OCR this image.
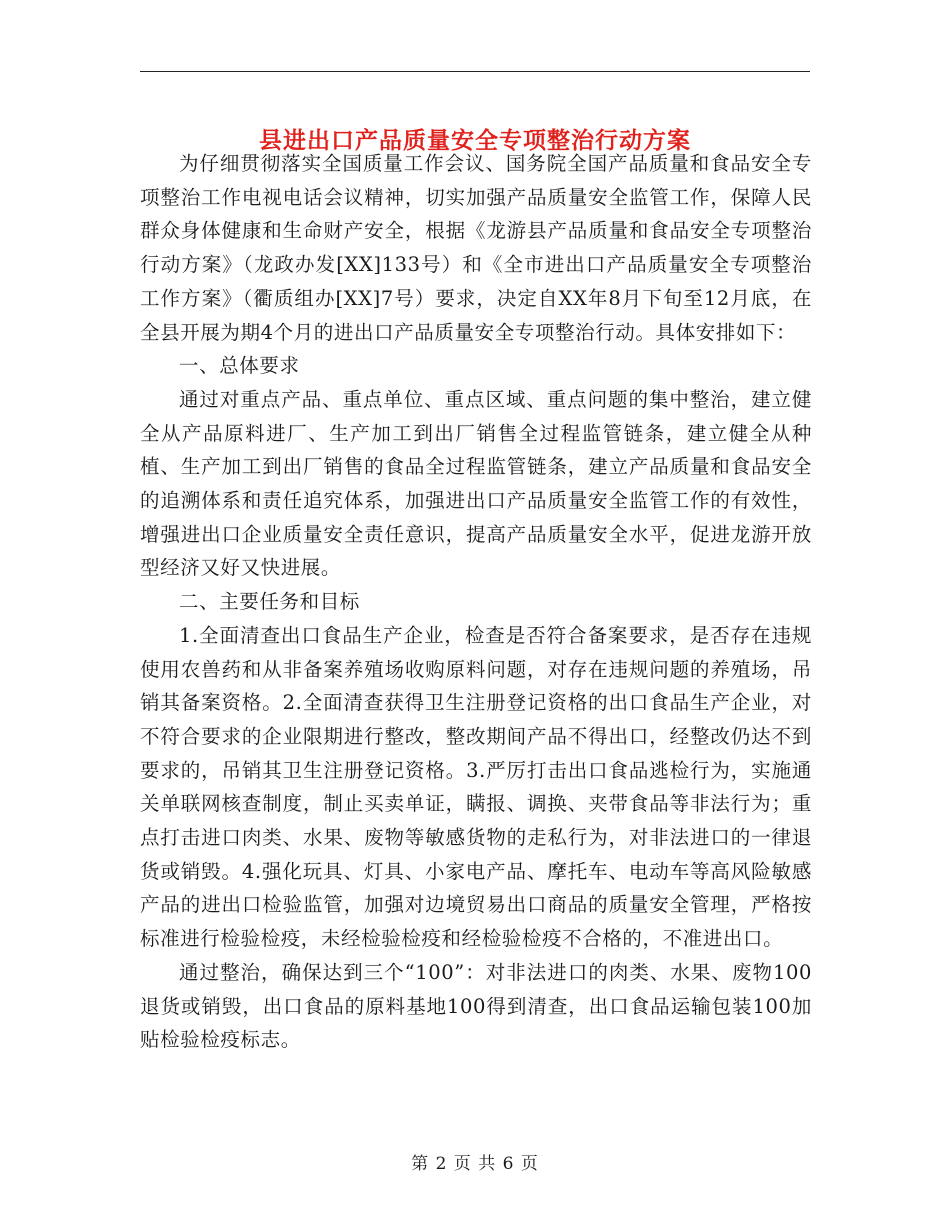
县进出口产品质量安全专项整治行动方案

为仔细贯彻落实全国质量工作会议、国务院全国产品质量和食品安全专项整治工作电视电话会议精神，切实加强产品质量安全监管工作，保障人民群众身体健康和生命财产安全，根据《龙游县产品质量和食品安全专项整治行动方案》（龙政办发[XX]133号）和《全市进出口产品质量安全专项整治工作方案》（衢质组办[XX]7号）要求，决定自XX年8月下旬至12月底，在全县开展为期4个月的进出口产品质量安全专项整治行动。具体安排如下：

一、总体要求

通过对重点产品、重点单位、重点区域、重点问题的集中整治，建立健全从产品原料进厂、生产加工到出厂销售全过程监管链条，建立健全从种植、生产加工到出厂销售的食品全过程监管链条，建立产品质量和食品安全的追溯体系和责任追究体系，加强进出口产品质量安全监管工作的有效性，增强进出口企业质量安全责任意识，提高产品质量安全水平，促进龙游开放型经济又好又快进展。

二、主要任务和目标

1.全面清查出口食品生产企业，检查是否符合备案要求，是否存在违规使用农兽药和从非备案养殖场收购原料问题，对存在违规问题的养殖场，吊销其备案资格。2.全面清查获得卫生注册登记资格的出口食品生产企业，对不符合要求的企业限期进行整改，整改期间产品不得出口，经整改仍达不到要求的，吊销其卫生注册登记资格。3.严厉打击出口食品逃检行为，实施通关单联网核查制度，制止买卖单证，瞒报、调换、夹带食品等非法行为；重点打击进口肉类、水果、废物等敏感货物的走私行为，对非法进口的一律退货或销毁。4.强化玩具、灯具、小家电产品、摩托车、电动车等高风险敏感产品的进出口检验监管，加强对边境贸易出口商品的质量安全管理，严格按标准进行检验检疫，未经检验检疫和经检验检疫不合格的，不准进出口。

通过整治，确保达到三个“100”：对非法进口的肉类、水果、废物100退货或销毁，出口食品的原料基地100得到清查，出口食品运输包装100加贴检验检疫标志。

第 2 页 共 6 页
